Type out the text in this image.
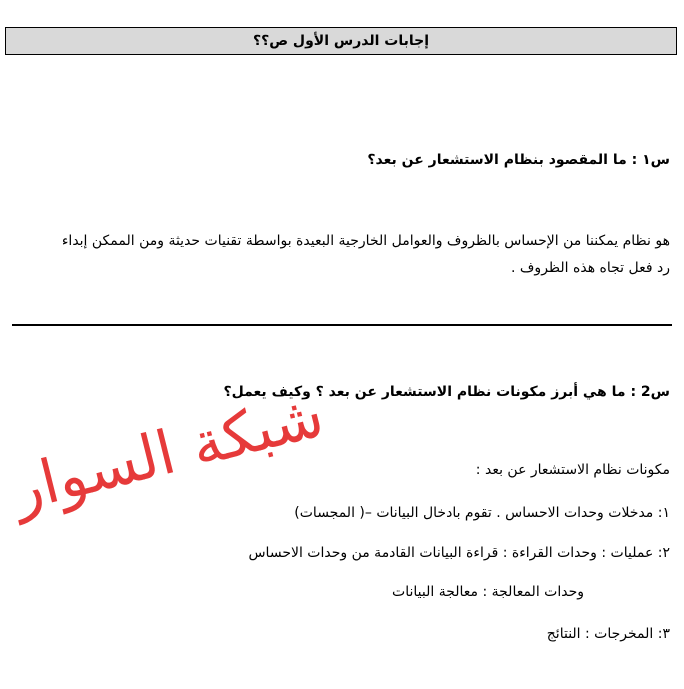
إجابات الدرس الأول ص؟؟
س١ : ما المقصود بنظام الاستشعار عن بعد؟
هو نظام يمكننا من الإحساس بالظروف والعوامل الخارجية البعيدة بواسطة تقنيات حديثة ومن الممكن إبداء
رد فعل تجاه هذه الظروف .
س2 : ما هي أبرز مكونات نظام الاستشعار عن بعد ؟ وكيف يعمل؟
شبكة السوار	مكونات نظام الاستشعار عن بعد :
١: مدخلات وحدات الاحساس . تقوم بادخال البيانات –( المجسات)
٢: عمليات : وحدات القراءة : قراءة البيانات القادمة من وحدات الاحساس
وحدات المعالجة : معالجة البيانات
٣: المخرجات : النتائج
